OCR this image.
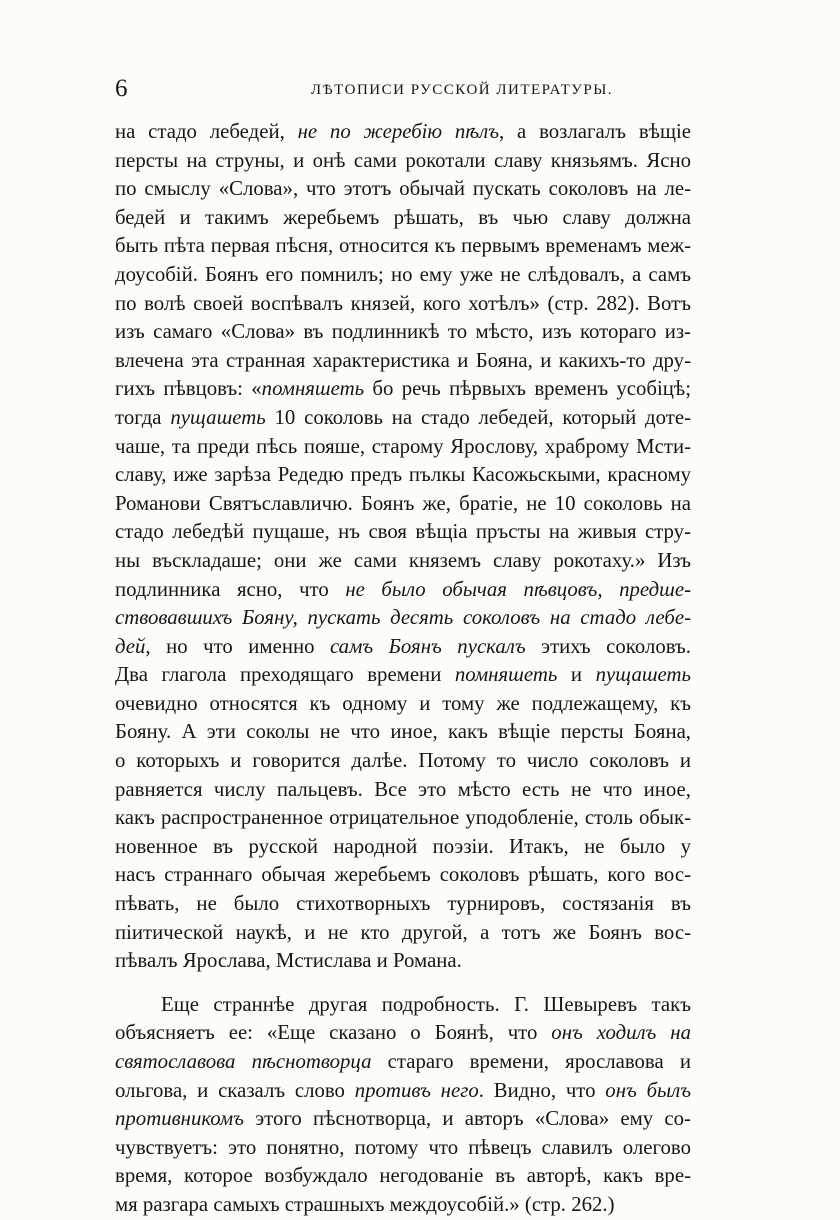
6	ЛѢТОПИСИ РУССКОЙ ЛИТЕРАТУРЫ.
на стадо лебедей, не по жеребію пѣлъ, а возлагалъ вѣщіе
персты на струны, и онѣ сами рокотали славу князьямъ. Ясно
по смыслу «Слова», что этотъ обычай пускать соколовъ на ле-
бедей и такимъ жеребьемъ рѣшать, въ чью славу должна
быть пѣта первая пѣсня, относится къ первымъ временамъ меж-
доусобій. Боянъ его помнилъ; но ему уже не слѣдовалъ, а самъ
по волѣ своей воспѣвалъ князей, кого хотѣлъ» (стр. 282). Вотъ
изъ самаго «Слова» въ подлинникѣ то мѣсто, изъ котораго из-
влечена эта странная характеристика и Бояна, и какихъ-то дру-
гихъ пѣвцовъ: «помняшеть бо речь пѣрвыхъ временъ усобіцѣ;
тогда пущашеть 10 соколовь на стадо лебедей, который доте-
чаше, та преди пѣсь пояше, старому Ярослову, храброму Мсти-
славу, иже зарѣза Редедю предъ пълкы Касожьскыми, красному
Романови Святъславличю. Боянъ же, братіе, не 10 соколовь на
стадо лебедѣй пущаше, нъ своя вѣщіа пръсты на живыя стру-
ны въскладаше; они же сами княземъ славу рокотаху.» Изъ
подлинника ясно, что не было обычая пѣвцовъ, предше-
ствовавшихъ Бояну, пускать десять соколовъ на стадо лебе-
дей, но что именно самъ Боянъ пускалъ этихъ соколовъ.
Два глагола преходящаго времени помняшеть и пущашеть
очевидно относятся къ одному и тому же подлежащему, къ
Бояну. А эти соколы не что иное, какъ вѣщіе персты Бояна,
о которыхъ и говорится далѣе. Потому то число соколовъ и
равняется числу пальцевъ. Все это мѣсто есть не что иное,
какъ распространенное отрицательное уподобленіе, столь обык-
новенное въ русской народной поэзіи. Итакъ, не было у
насъ страннаго обычая жеребьемъ соколовъ рѣшать, кого вос-
пѣвать, не было стихотворныхъ турнировъ, состязанія въ
піитической наукѣ, и не кто другой, а тотъ же Боянъ вос-
пѣвалъ Ярослава, Мстислава и Романа.
Еще страннѣе другая подробность. Г. Шевыревъ такъ
объясняетъ ее: «Еще сказано о Боянѣ, что онъ ходилъ на
святославова пѣснотворца стараго времени, ярославова и
ольгова, и сказалъ слово противъ него. Видно, что онъ былъ
противникомъ этого пѣснотворца, и авторъ «Слова» ему со-
чувствуетъ: это понятно, потому что пѣвецъ славилъ олегово
время, которое возбуждало негодованіе въ авторѣ, какъ вре-
мя разгара самыхъ страшныхъ междоусобій.» (стр. 262.)
